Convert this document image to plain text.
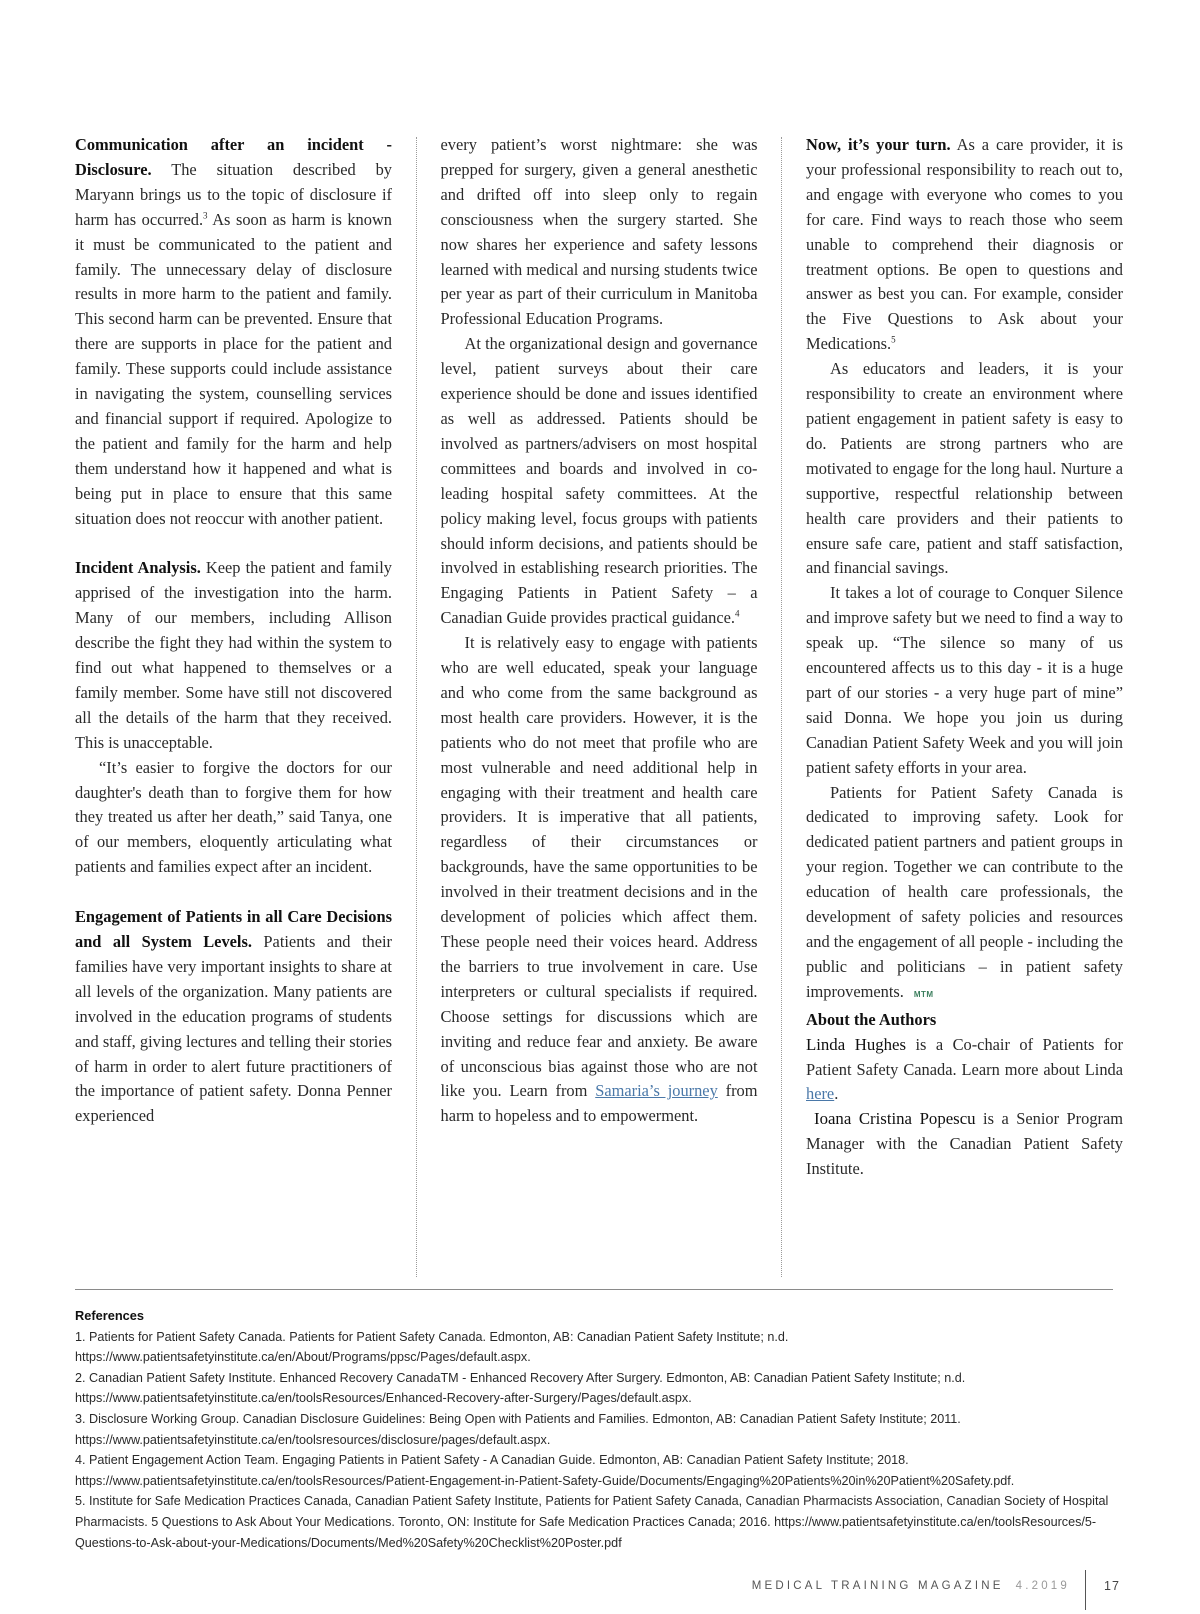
Communication after an incident - Disclosure. The situation described by Maryann brings us to the topic of disclosure if harm has occurred.$^3$ As soon as harm is known it must be communicated to the patient and family. The unnecessary delay of disclosure results in more harm to the patient and family. This second harm can be prevented. Ensure that there are supports in place for the patient and family. These supports could include assistance in navigating the system, counselling services and financial support if required. Apologize to the patient and family for the harm and help them understand how it happened and what is being put in place to ensure that this same situation does not reoccur with another patient.

Incident Analysis. Keep the patient and family apprised of the investigation into the harm. Many of our members, including Allison describe the fight they had within the system to find out what happened to themselves or a family member. Some have still not discovered all the details of the harm that they received. This is unacceptable.

“It’s easier to forgive the doctors for our daughter's death than to forgive them for how they treated us after her death,” said Tanya, one of our members, eloquently articulating what patients and families expect after an incident.

Engagement of Patients in all Care Decisions and all System Levels. Patients and their families have very important insights to share at all levels of the organization. Many patients are involved in the education programs of students and staff, giving lectures and telling their stories of harm in order to alert future practitioners of the importance of patient safety. Donna Penner experienced

every patient’s worst nightmare: she was prepped for surgery, given a general anesthetic and drifted off into sleep only to regain consciousness when the surgery started. She now shares her experience and safety lessons learned with medical and nursing students twice per year as part of their curriculum in Manitoba Professional Education Programs.

At the organizational design and governance level, patient surveys about their care experience should be done and issues identified as well as addressed. Patients should be involved as partners/advisers on most hospital committees and boards and involved in co-leading hospital safety committees. At the policy making level, focus groups with patients should inform decisions, and patients should be involved in establishing research priorities. The Engaging Patients in Patient Safety – a Canadian Guide provides practical guidance.$^4$

It is relatively easy to engage with patients who are well educated, speak your language and who come from the same background as most health care providers. However, it is the patients who do not meet that profile who are most vulnerable and need additional help in engaging with their treatment and health care providers. It is imperative that all patients, regardless of their circumstances or backgrounds, have the same opportunities to be involved in their treatment decisions and in the development of policies which affect them. These people need their voices heard. Address the barriers to true involvement in care. Use interpreters or cultural specialists if required. Choose settings for discussions which are inviting and reduce fear and anxiety. Be aware of unconscious bias against those who are not like you. Learn from Samaria’s journey from harm to hopeless and to empowerment.

Now, it’s your turn. As a care provider, it is your professional responsibility to reach out to, and engage with everyone who comes to you for care. Find ways to reach those who seem unable to comprehend their diagnosis or treatment options. Be open to questions and answer as best you can. For example, consider the Five Questions to Ask about your Medications.$^5$

As educators and leaders, it is your responsibility to create an environment where patient engagement in patient safety is easy to do. Patients are strong partners who are motivated to engage for the long haul. Nurture a supportive, respectful relationship between health care providers and their patients to ensure safe care, patient and staff satisfaction, and financial savings.

It takes a lot of courage to Conquer Silence and improve safety but we need to find a way to speak up. “The silence so many of us encountered affects us to this day - it is a huge part of our stories - a very huge part of mine” said Donna. We hope you join us during Canadian Patient Safety Week and you will join patient safety efforts in your area.

Patients for Patient Safety Canada is dedicated to improving safety. Look for dedicated patient partners and patient groups in your region. Together we can contribute to the education of health care professionals, the development of safety policies and resources and the engagement of all people - including the public and politicians – in patient safety improvements. MTM

About the Authors

Linda Hughes is a Co-chair of Patients for Patient Safety Canada. Learn more about Linda here.

Ioana Cristina Popescu is a Senior Program Manager with the Canadian Patient Safety Institute.

References

1. Patients for Patient Safety Canada. Patients for Patient Safety Canada. Edmonton, AB: Canadian Patient Safety Institute; n.d. https://www.patientsafetyinstitute.ca/en/About/Programs/ppsc/Pages/default.aspx.

2. Canadian Patient Safety Institute. Enhanced Recovery CanadaTM - Enhanced Recovery After Surgery. Edmonton, AB: Canadian Patient Safety Institute; n.d. https://www.patientsafetyinstitute.ca/en/toolsResources/Enhanced-Recovery-after-Surgery/Pages/default.aspx.

3. Disclosure Working Group. Canadian Disclosure Guidelines: Being Open with Patients and Families. Edmonton, AB: Canadian Patient Safety Institute; 2011. https://www.patientsafetyinstitute.ca/en/toolsresources/disclosure/pages/default.aspx.

4. Patient Engagement Action Team. Engaging Patients in Patient Safety - A Canadian Guide. Edmonton, AB: Canadian Patient Safety Institute; 2018. https://www.patientsafetyinstitute.ca/en/toolsResources/Patient-Engagement-in-Patient-Safety-Guide/Documents/Engaging%20Patients%20in%20Patient%20Safety.pdf.

5. Institute for Safe Medication Practices Canada, Canadian Patient Safety Institute, Patients for Patient Safety Canada, Canadian Pharmacists Association, Canadian Society of Hospital Pharmacists. 5 Questions to Ask About Your Medications. Toronto, ON: Institute for Safe Medication Practices Canada; 2016. https://www.patientsafetyinstitute.ca/en/toolsResources/5-Questions-to-Ask-about-your-Medications/Documents/Med%20Safety%20Checklist%20Poster.pdf

MEDICAL TRAINING MAGAZINE 4.2019	17
